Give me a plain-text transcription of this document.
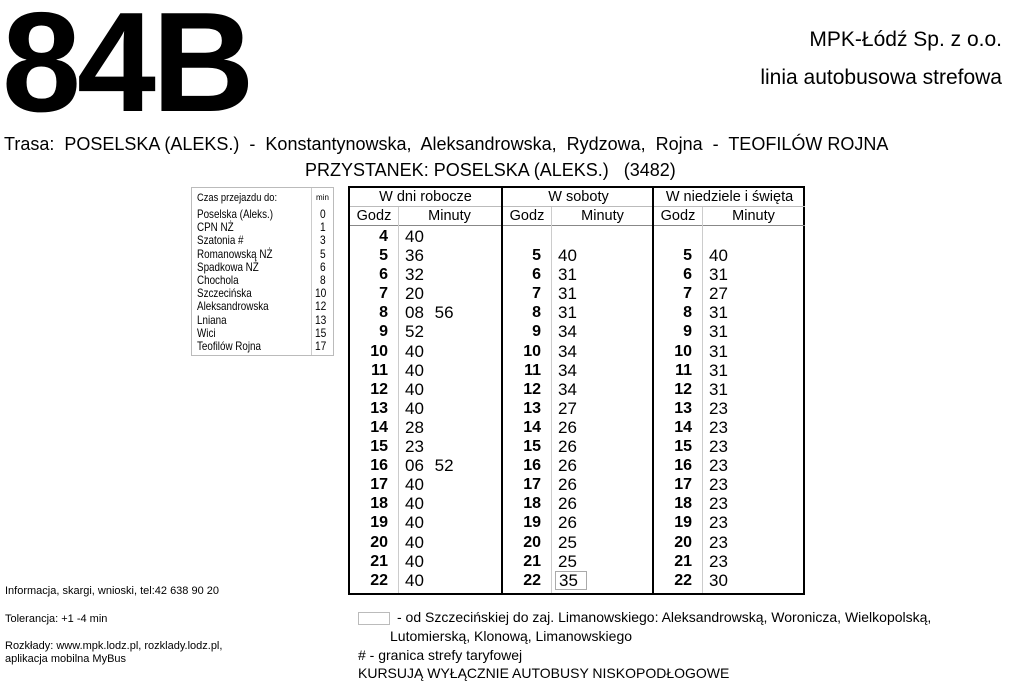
84B	MPK-Łódź Sp. z o.o.
linia autobusowa strefowa
Trasa:  POSELSKA (ALEKS.)  -  Konstantynowska,  Aleksandrowska,  Rydzowa,  Rojna  -  TEOFILÓW ROJNA
PRZYSTANEK: POSELSKA (ALEKS.)   (3482)
Czas przejazdu do:	min
Poselska (Aleks.)	0
CPN NŻ	1
Szatonia #	3
Romanowską NŻ	5
Spadkowa NŻ	6
Chochola	8
Szczecińska	10
Aleksandrowska	12
Lniana	13
Wici	15
Teofilów Rojna	17
W dni robocze
Godz	Minuty
4 40
5 36
6 32
7 20
8 08 56
9 52
10 40
11 40
12 40
13 40
14 28
15 23
16 06 52
17 40
18 40
19 40
20 40
21 40
22 40
W soboty
Godz	Minuty
5 40
6 31
7 31
8 31
9 34
10 34
11 34
12 34
13 27
14 26
15 26
16 26
17 26
18 26
19 26
20 25
21 25
22 35
W niedziele i święta
Godz	Minuty
5 40
6 31
7 27
8 31
9 31
10 31
11 31
12 31
13 23
14 23
15 23
16 23
17 23
18 23
19 23
20 23
21 23
22 30
Informacja, skargi, wnioski, tel:42 638 90 20
Tolerancja: +1 -4 min
Rozkłady: www.mpk.lodz.pl, rozklady.lodz.pl,
aplikacja mobilna MyBus
- od Szczecińskiej do zaj. Limanowskiego: Aleksandrowską, Woronicza, Wielkopolską,
Lutomierską, Klonową, Limanowskiego
# - granica strefy taryfowej
KURSUJĄ WYŁĄCZNIE AUTOBUSY NISKOPODŁOGOWE
